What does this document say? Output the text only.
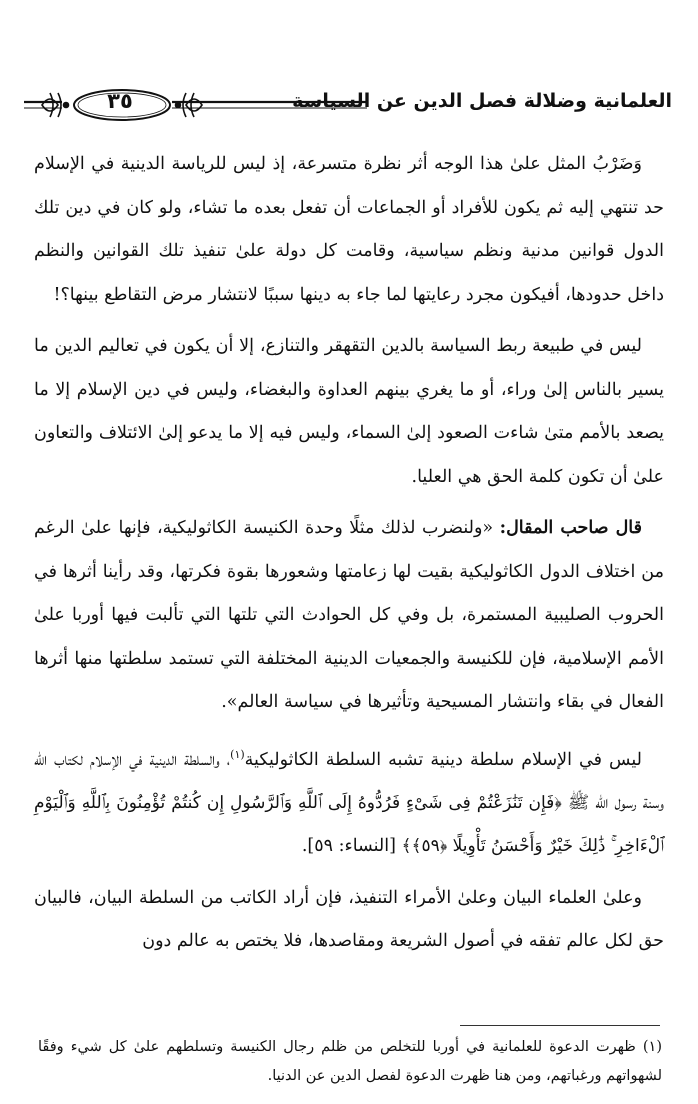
العلمانية وضلالة فصل الدين عن السياسة
٣٥

وَضَرْبُ المثل علىٰ هذا الوجه أثر نظرة متسرعة، إذ ليس للرياسة الدينية في الإسلام حد تنتهي إليه ثم يكون للأفراد أو الجماعات أن تفعل بعده ما تشاء، ولو كان في دين تلك الدول قوانين مدنية ونظم سياسية، وقامت كل دولة علىٰ تنفيذ تلك القوانين والنظم داخل حدودها، أفيكون مجرد رعايتها لما جاء به دينها سببًا لانتشار مرض التقاطع بينها؟!

ليس في طبيعة ربط السياسة بالدين التقهقر والتنازع، إلا أن يكون في تعاليم الدين ما يسير بالناس إلىٰ وراء، أو ما يغري بينهم العداوة والبغضاء، وليس في دين الإسلام إلا ما يصعد بالأمم متىٰ شاءت الصعود إلىٰ السماء، وليس فيه إلا ما يدعو إلىٰ الائتلاف والتعاون علىٰ أن تكون كلمة الحق هي العليا.

قال صاحب المقال: «ولنضرب لذلك مثلًا وحدة الكنيسة الكاثوليكية، فإنها علىٰ الرغم من اختلاف الدول الكاثوليكية بقيت لها زعامتها وشعورها بقوة فكرتها، وقد رأينا أثرها في الحروب الصليبية المستمرة، بل وفي كل الحوادث التي تلتها التي تألبت فيها أوربا علىٰ الأمم الإسلامية، فإن للكنيسة والجمعيات الدينية المختلفة التي تستمد سلطتها منها أثرها الفعال في بقاء وانتشار المسيحية وتأثيرها في سياسة العالم».

ليس في الإسلام سلطة دينية تشبه السلطة الكاثوليكية$^{(١)}$، والسلطة الدينية في الإسلام لكتاب الله وسنة رسول الله ﷺ ﴿فَإِن تَنَٰزَعْتُمْ فِى شَىْءٍ فَرُدُّوهُ إِلَى ٱللَّهِ وَٱلرَّسُولِ إِن كُنتُمْ تُؤْمِنُونَ بِٱللَّهِ وَٱلْيَوْمِ ٱلْءَاخِرِ ۚ ذَٰلِكَ خَيْرٌ وَأَحْسَنُ تَأْوِيلًا ﴿٥٩﴾﴾ [النساء: ٥٩].

وعلىٰ العلماء البيان وعلىٰ الأمراء التنفيذ، فإن أراد الكاتب من السلطة البيان، فالبيان حق لكل عالم تفقه في أصول الشريعة ومقاصدها، فلا يختص به عالم دون

(١) ظهرت الدعوة للعلمانية في أوربا للتخلص من ظلم رجال الكنيسة وتسلطهم علىٰ كل شيء وفقًا لشهواتهم ورغباتهم، ومن هنا ظهرت الدعوة لفصل الدين عن الدنيا.
